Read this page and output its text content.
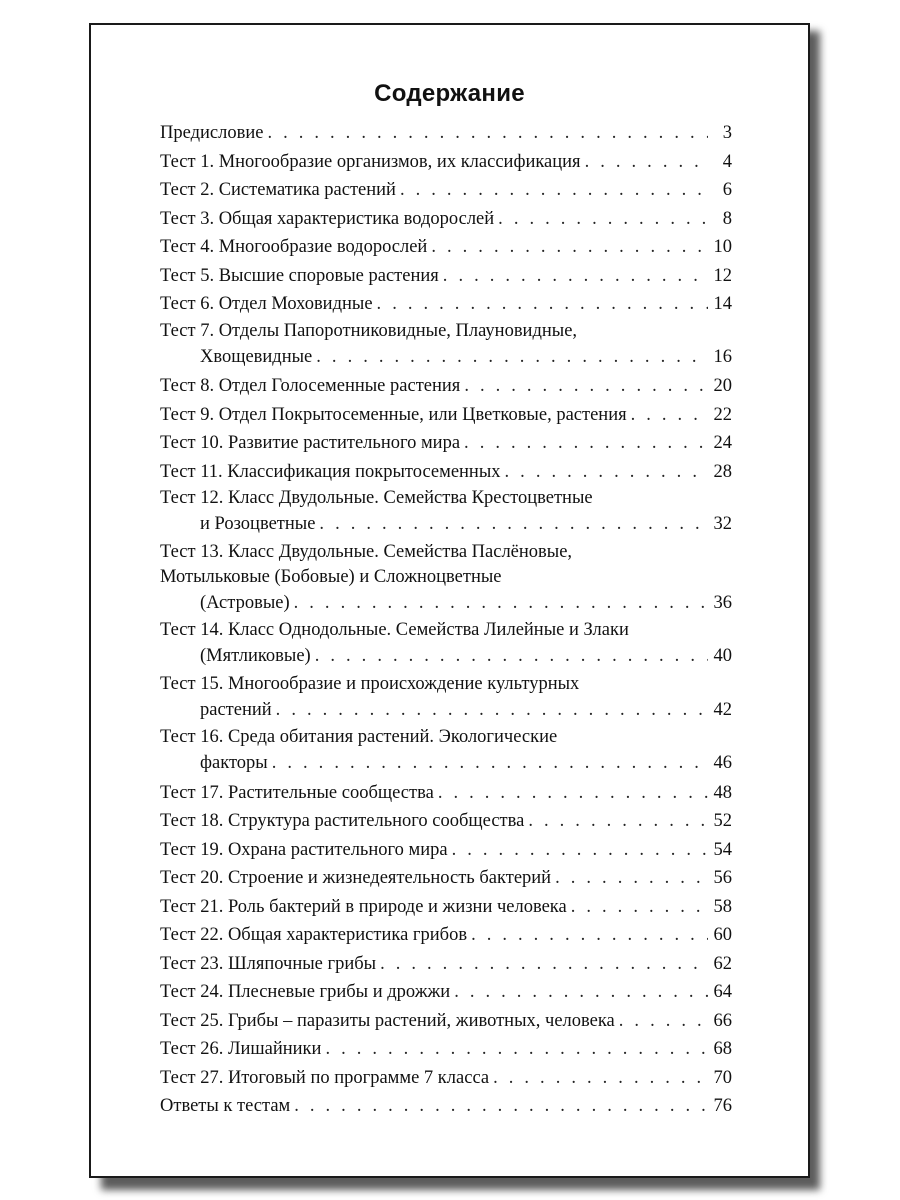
Содержание
Предисловие . . .	3
Тест 1. Многообразие организмов, их классификация . . .	4
Тест 2. Систематика растений . . .	6
Тест 3. Общая характеристика водорослей . . .	8
Тест 4. Многообразие водорослей . . .	10
Тест 5. Высшие споровые растения . . .	12
Тест 6. Отдел Моховидные . . .	14
Тест 7. Отделы Папоротниковидные, Плауновидные,
Хвощевидные . . .	16
Тест 8. Отдел Голосеменные растения . . .	20
Тест 9. Отдел Покрытосеменные, или Цветковые, растения . . .	22
Тест 10. Развитие растительного мира . . .	24
Тест 11. Классификация покрытосеменных . . .	28
Тест 12. Класс Двудольные. Семейства Крестоцветные
и Розоцветные . . .	32
Тест 13. Класс Двудольные. Семейства Паслёновые,
Мотыльковые (Бобовые) и Сложноцветные
(Астровые) . . .	36
Тест 14. Класс Однодольные. Семейства Лилейные и Злаки
(Мятликовые) . . .	40
Тест 15. Многообразие и происхождение культурных
растений . . .	42
Тест 16. Среда обитания растений. Экологические
факторы . . .	46
Тест 17. Растительные сообщества . . .	48
Тест 18. Структура растительного сообщества . . .	52
Тест 19. Охрана растительного мира . . .	54
Тест 20. Строение и жизнедеятельность бактерий . . .	56
Тест 21. Роль бактерий в природе и жизни человека . . .	58
Тест 22. Общая характеристика грибов . . .	60
Тест 23. Шляпочные грибы . . .	62
Тест 24. Плесневые грибы и дрожжи . . .	64
Тест 25. Грибы – паразиты растений, животных, человека . . .	66
Тест 26. Лишайники . . .	68
Тест 27. Итоговый по программе 7 класса . . .	70
Ответы к тестам . . .	76
